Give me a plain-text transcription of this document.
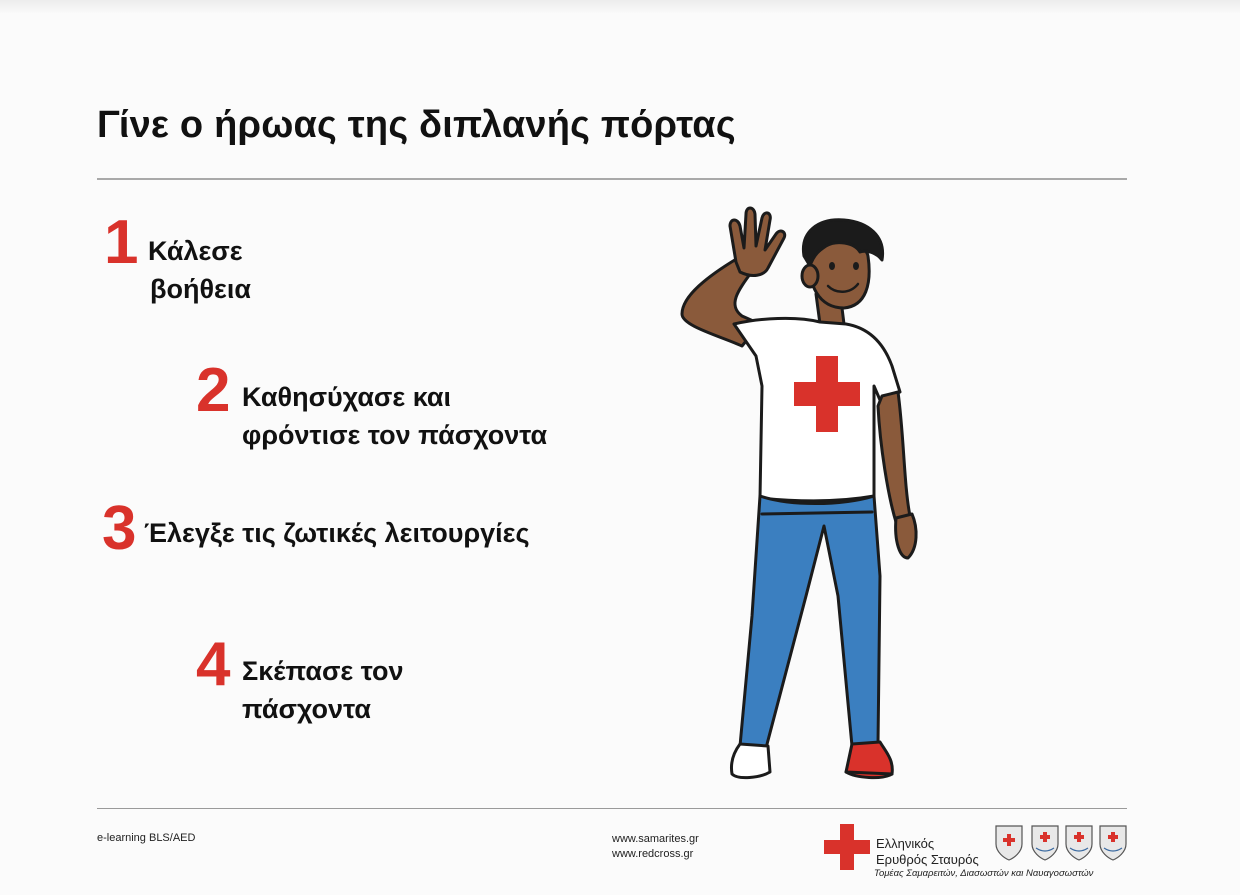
Γίνε ο ήρωας της διπλανής πόρτας
1 Κάλεσε
βοήθεια
2 Καθησύχασε και
φρόντισε τον πάσχοντα
3 Έλεγξε τις ζωτικές λειτουργίες
4 Σκέπασε τον
πάσχοντα
e-learning BLS/AED	www.samarites.gr
www.redcross.gr
Ελληνικός
Ερυθρός Σταυρός
Τομέας Σαμαρειτών, Διασωστών και Ναυαγοσωστών
